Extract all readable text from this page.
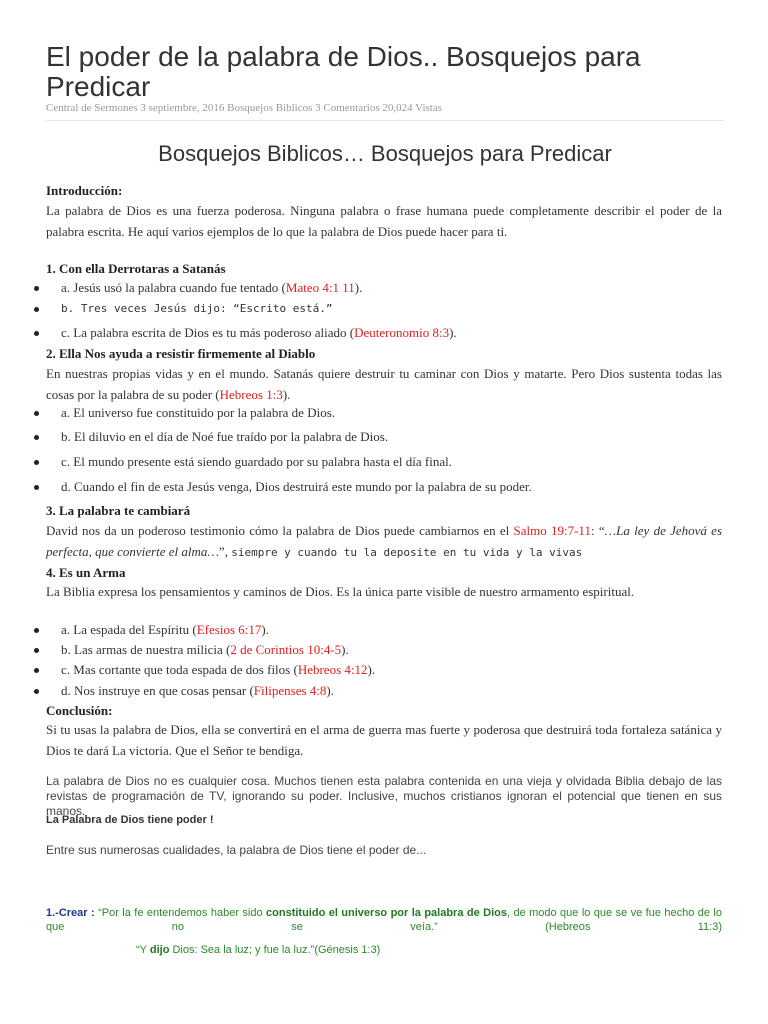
El poder de la palabra de Dios.. Bosquejos para Predicar
Central de Sermones 3 septiembre, 2016 Bosquejos Biblicos 3 Comentarios 20,024 Vistas
Bosquejos Biblicos… Bosquejos para Predicar
Introducción:
La palabra de Dios es una fuerza poderosa. Ninguna palabra o frase humana puede completamente describir el poder de la palabra escrita. He aquí varios ejemplos de lo que la palabra de Dios puede hacer para ti.
1. Con ella Derrotaras a Satanás
a. Jesús usó la palabra cuando fue tentado (Mateo 4:1 11).
b. Tres veces Jesús dijo: “Escrito está.”
c. La palabra escrita de Dios es tu más poderoso aliado (Deuteronomio 8:3).
2. Ella Nos ayuda a resistir firmemente al Diablo
En nuestras propias vidas y en el mundo. Satanás quiere destruir tu caminar con Dios y matarte. Pero Dios sustenta todas las cosas por la palabra de su poder (Hebreos 1:3).
a. El universo fue constituido por la palabra de Dios.
b. El diluvio en el día de Noé fue traído por la palabra de Dios.
c. El mundo presente está siendo guardado por su palabra hasta el día final.
d. Cuando el fin de esta Jesús venga, Dios destruirá este mundo por la palabra de su poder.
3. La palabra te cambiará
David nos da un poderoso testimonio cómo la palabra de Dios puede cambiarnos en el Salmo 19:7-11: “…La ley de Jehová es perfecta, que convierte el alma…”, siempre y cuando tu la deposite en tu vida y la vivas
4. Es un Arma
La Biblia expresa los pensamientos y caminos de Dios. Es la única parte visible de nuestro armamento espiritual.
a. La espada del Espíritu (Efesios 6:17).
b. Las armas de nuestra milicia (2 de Corintios 10:4-5).
c. Mas cortante que toda espada de dos filos (Hebreos 4:12).
d. Nos instruye en que cosas pensar (Filipenses 4:8).
Conclusión:
Si tu usas la palabra de Dios, ella se convertirá en el arma de guerra mas fuerte y poderosa que destruirá toda fortaleza satánica y Dios te dará La victoria. Que el Señor te bendiga.
La palabra de Dios no es cualquier cosa. Muchos tienen esta palabra contenida en una vieja y olvidada Biblia debajo de las revistas de programación de TV, ignorando su poder. Inclusive, muchos cristianos ignoran el potencial que tienen en sus manos.
La Palabra de Dios tiene poder !
Entre sus numerosas cualidades, la palabra de Dios tiene el poder de...
1.-Crear : “Por la fe entendemos haber sido constituido el universo por la palabra de Dios, de modo que lo que se ve fue hecho de lo que no se veía.” (Hebreos 11:3)
“Y dijo Dios: Sea la luz; y fue la luz.”(Génesis 1:3)
